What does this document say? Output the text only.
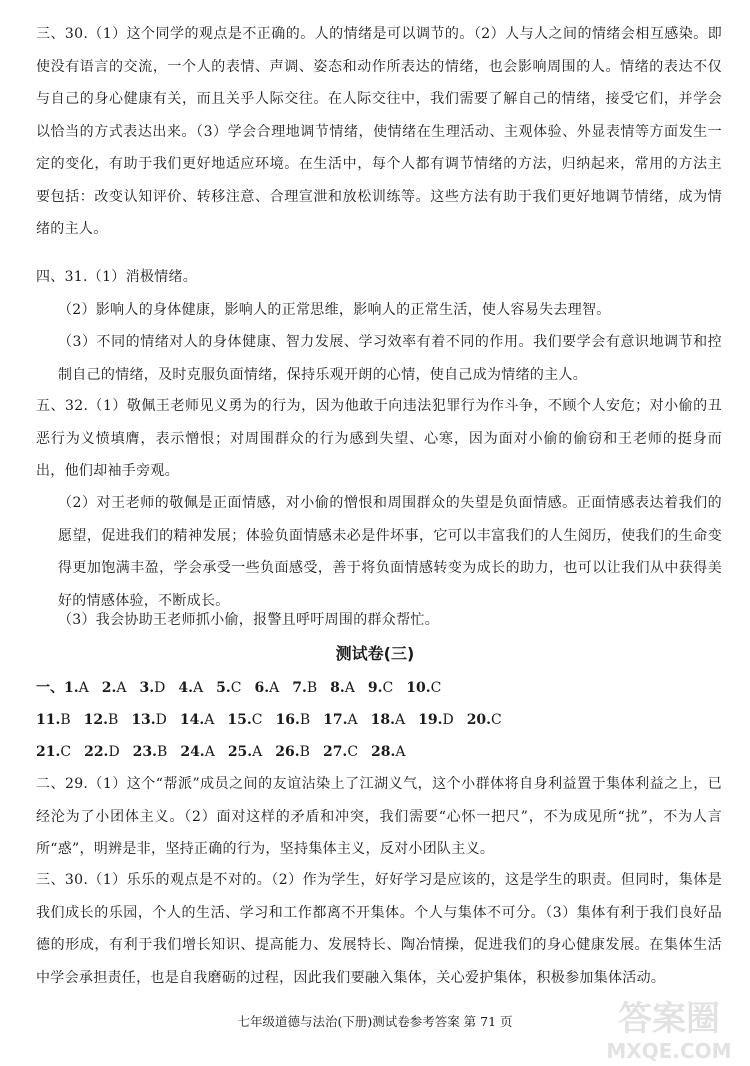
三、30.（1）这个同学的观点是不正确的。人的情绪是可以调节的。（2）人与人之间的情绪会相互感染。即使没有语言的交流，一个人的表情、声调、姿态和动作所表达的情绪，也会影响周围的人。情绪的表达不仅与自己的身心健康有关，而且关乎人际交往。在人际交往中，我们需要了解自己的情绪，接受它们，并学会以恰当的方式表达出来。（3）学会合理地调节情绪，使情绪在生理活动、主观体验、外显表情等方面发生一定的变化，有助于我们更好地适应环境。在生活中，每个人都有调节情绪的方法，归纳起来，常用的方法主要包括：改变认知评价、转移注意、合理宣泄和放松训练等。这些方法有助于我们更好地调节情绪，成为情绪的主人。
四、31.（1）消极情绪。
（2）影响人的身体健康，影响人的正常思维，影响人的正常生活，使人容易失去理智。
（3）不同的情绪对人的身体健康、智力发展、学习效率有着不同的作用。我们要学会有意识地调节和控制自己的情绪，及时克服负面情绪，保持乐观开朗的心情，使自己成为情绪的主人。
五、32.（1）敬佩王老师见义勇为的行为，因为他敢于向违法犯罪行为作斗争，不顾个人安危；对小偷的丑恶行为义愤填膺，表示憎恨；对周围群众的行为感到失望、心寒，因为面对小偷的偷窃和王老师的挺身而出，他们却袖手旁观。
（2）对王老师的敬佩是正面情感，对小偷的憎恨和周围群众的失望是负面情感。正面情感表达着我们的愿望，促进我们的精神发展；体验负面情感未必是件坏事，它可以丰富我们的人生阅历，使我们的生命变得更加饱满丰盈，学会承受一些负面感受，善于将负面情感转变为成长的助力，也可以让我们从中获得美好的情感体验，不断成长。
（3）我会协助王老师抓小偷，报警且呼吁周围的群众帮忙。
测试卷(三)
一、1.A 2.A 3.D 4.A 5.C 6.A 7.B 8.A 9.C 10.C
11.B 12.B 13.D 14.A 15.C 16.B 17.A 18.A 19.D 20.C
21.C 22.D 23.B 24.A 25.A 26.B 27.C 28.A
二、29.（1）这个“帮派”成员之间的友谊沾染上了江湖义气，这个小群体将自身利益置于集体利益之上，已经沦为了小团体主义。（2）面对这样的矛盾和冲突，我们需要“心怀一把尺”，不为成见所“扰”，不为人言所“惑”，明辨是非，坚持正确的行为，坚持集体主义，反对小团队主义。
三、30.（1）乐乐的观点是不对的。（2）作为学生，好好学习是应该的，这是学生的职责。但同时，集体是我们成长的乐园，个人的生活、学习和工作都离不开集体。个人与集体不可分。（3）集体有利于我们良好品德的形成，有利于我们增长知识、提高能力、发展特长、陶冶情操，促进我们的身心健康发展。在集体生活中学会承担责任，也是自我磨砺的过程，因此我们要融入集体，关心爱护集体，积极参加集体活动。
七年级道德与法治(下册)测试卷参考答案 第 71 页	答案圈
MXQE.COM
